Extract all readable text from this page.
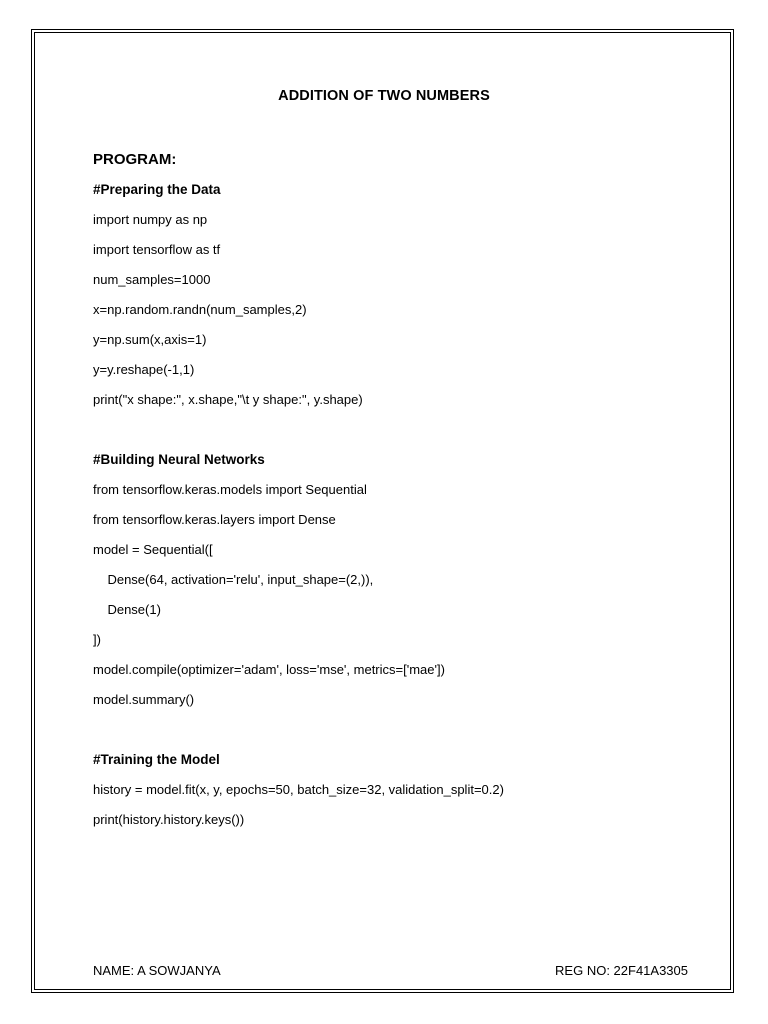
ADDITION OF TWO NUMBERS
PROGRAM:
#Preparing the Data
import numpy as np
import tensorflow as tf
num_samples=1000
x=np.random.randn(num_samples,2)
y=np.sum(x,axis=1)
y=y.reshape(-1,1)
print("x shape:", x.shape,"\t y shape:", y.shape)
#Building Neural Networks
from tensorflow.keras.models import Sequential
from tensorflow.keras.layers import Dense
model = Sequential([
Dense(64, activation='relu', input_shape=(2,)),
Dense(1)
])
model.compile(optimizer='adam', loss='mse', metrics=['mae'])
model.summary()
#Training the Model
history = model.fit(x, y, epochs=50, batch_size=32, validation_split=0.2)
print(history.history.keys())
NAME: A SOWJANYA	REG NO: 22F41A3305
